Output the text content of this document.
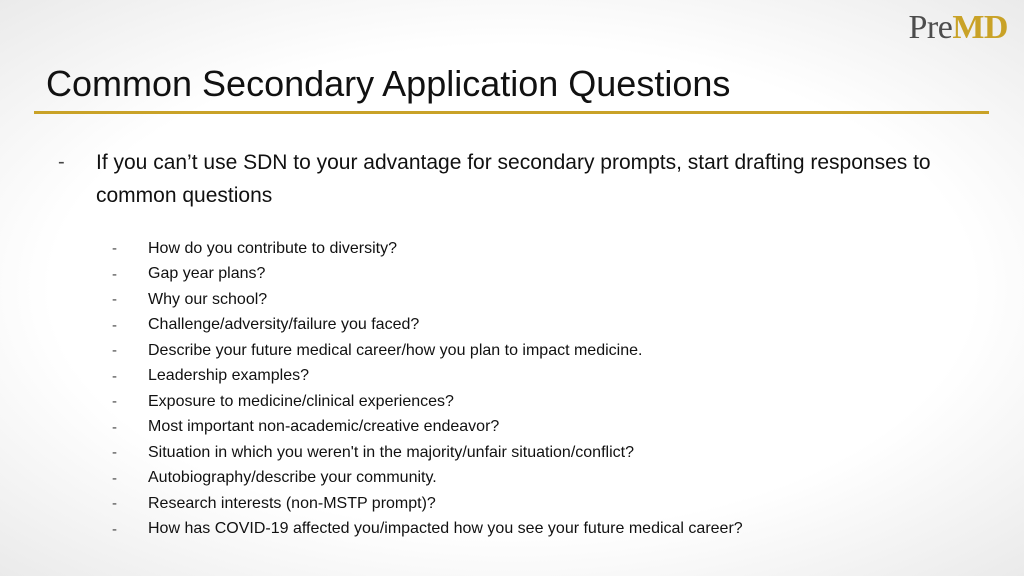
PreMD
Common Secondary Application Questions
-	If you can’t use SDN to your advantage for secondary prompts, start drafting responses to common questions
-	How do you contribute to diversity?
-	Gap year plans?
-	Why our school?
-	Challenge/adversity/failure you faced?
-	Describe your future medical career/how you plan to impact medicine.
-	Leadership examples?
-	Exposure to medicine/clinical experiences?
-	Most important non-academic/creative endeavor?
-	Situation in which you weren't in the majority/unfair situation/conflict?
-	Autobiography/describe your community.
-	Research interests (non-MSTP prompt)?
-	How has COVID-19 affected you/impacted how you see your future medical career?
